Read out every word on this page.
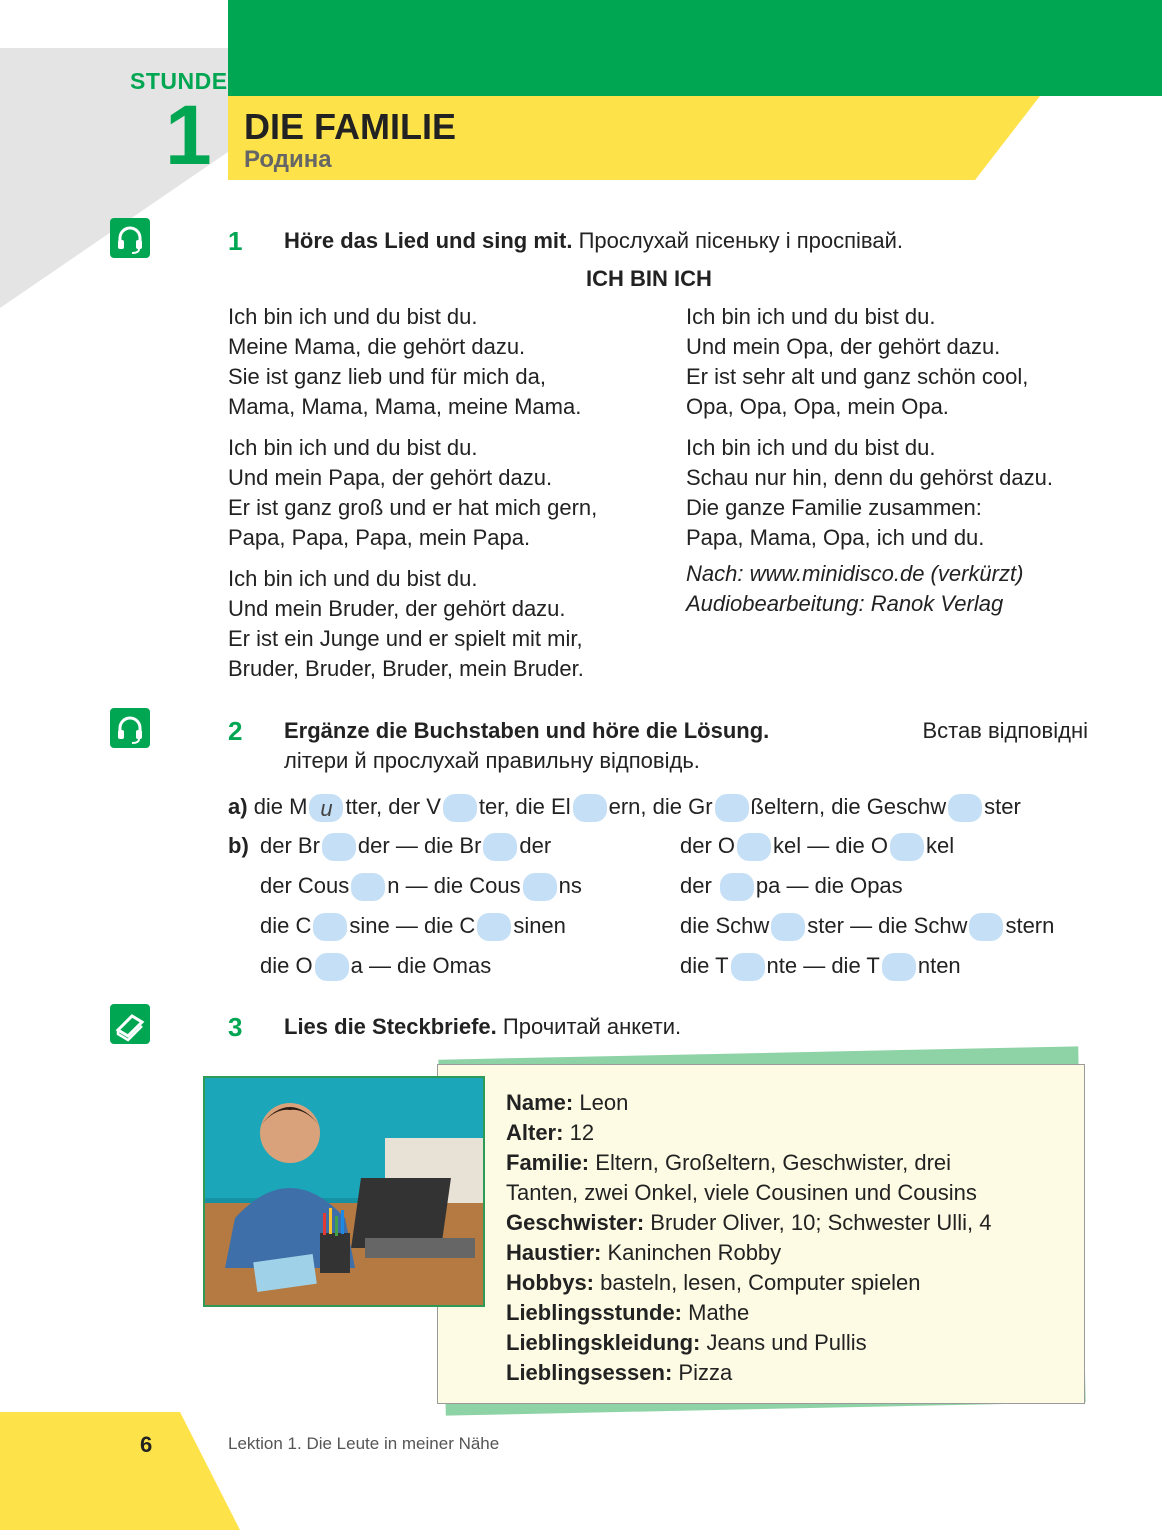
STUNDE
1 DIE FAMILIE
Родина
1 Höre das Lied und sing mit. Прослухай пісеньку і проспівай.
ICH BIN ICH
Ich bin ich und du bist du.
Meine Mama, die gehört dazu.
Sie ist ganz lieb und für mich da,
Mama, Mama, Mama, meine Mama.
Ich bin ich und du bist du.
Und mein Papa, der gehört dazu.
Er ist ganz groß und er hat mich gern,
Papa, Papa, Papa, mein Papa.
Ich bin ich und du bist du.
Und mein Bruder, der gehört dazu.
Er ist ein Junge und er spielt mit mir,
Bruder, Bruder, Bruder, mein Bruder.
Ich bin ich und du bist du.
Und mein Opa, der gehört dazu.
Er ist sehr alt und ganz schön cool,
Opa, Opa, Opa, mein Opa.
Ich bin ich und du bist du.
Schau nur hin, denn du gehörst dazu.
Die ganze Familie zusammen:
Papa, Mama, Opa, ich und du.
Nach: www.minidisco.de (verkürzt)
Audiobearbeitung: Ranok Verlag
2 Ergänze die Buchstaben und höre die Lösung.	Встав відповідні
літери й прослухай правильну відповідь.
a) die M u tter, der V ter, die El ern, die Gr ßeltern, die Geschw ster
b) der Br der — die Br der
der Cous n — die Cous ns
die C sine — die C sinen
die O a — die Omas
der O kel — die O kel
der pa — die Opas
die Schw ster — die Schw stern
die T nte — die T nten
3 Lies die Steckbriefe. Прочитай анкети.
Name: Leon
Alter: 12
Familie: Eltern, Großeltern, Geschwister, drei
Tanten, zwei Onkel, viele Cousinen und Cousins
Geschwister: Bruder Oliver, 10; Schwester Ulli, 4
Haustier: Kaninchen Robby
Hobbys: basteln, lesen, Computer spielen
Lieblingsstunde: Mathe
Lieblingskleidung: Jeans und Pullis
Lieblingsessen: Pizza
6	Lektion 1. Die Leute in meiner Nähe
